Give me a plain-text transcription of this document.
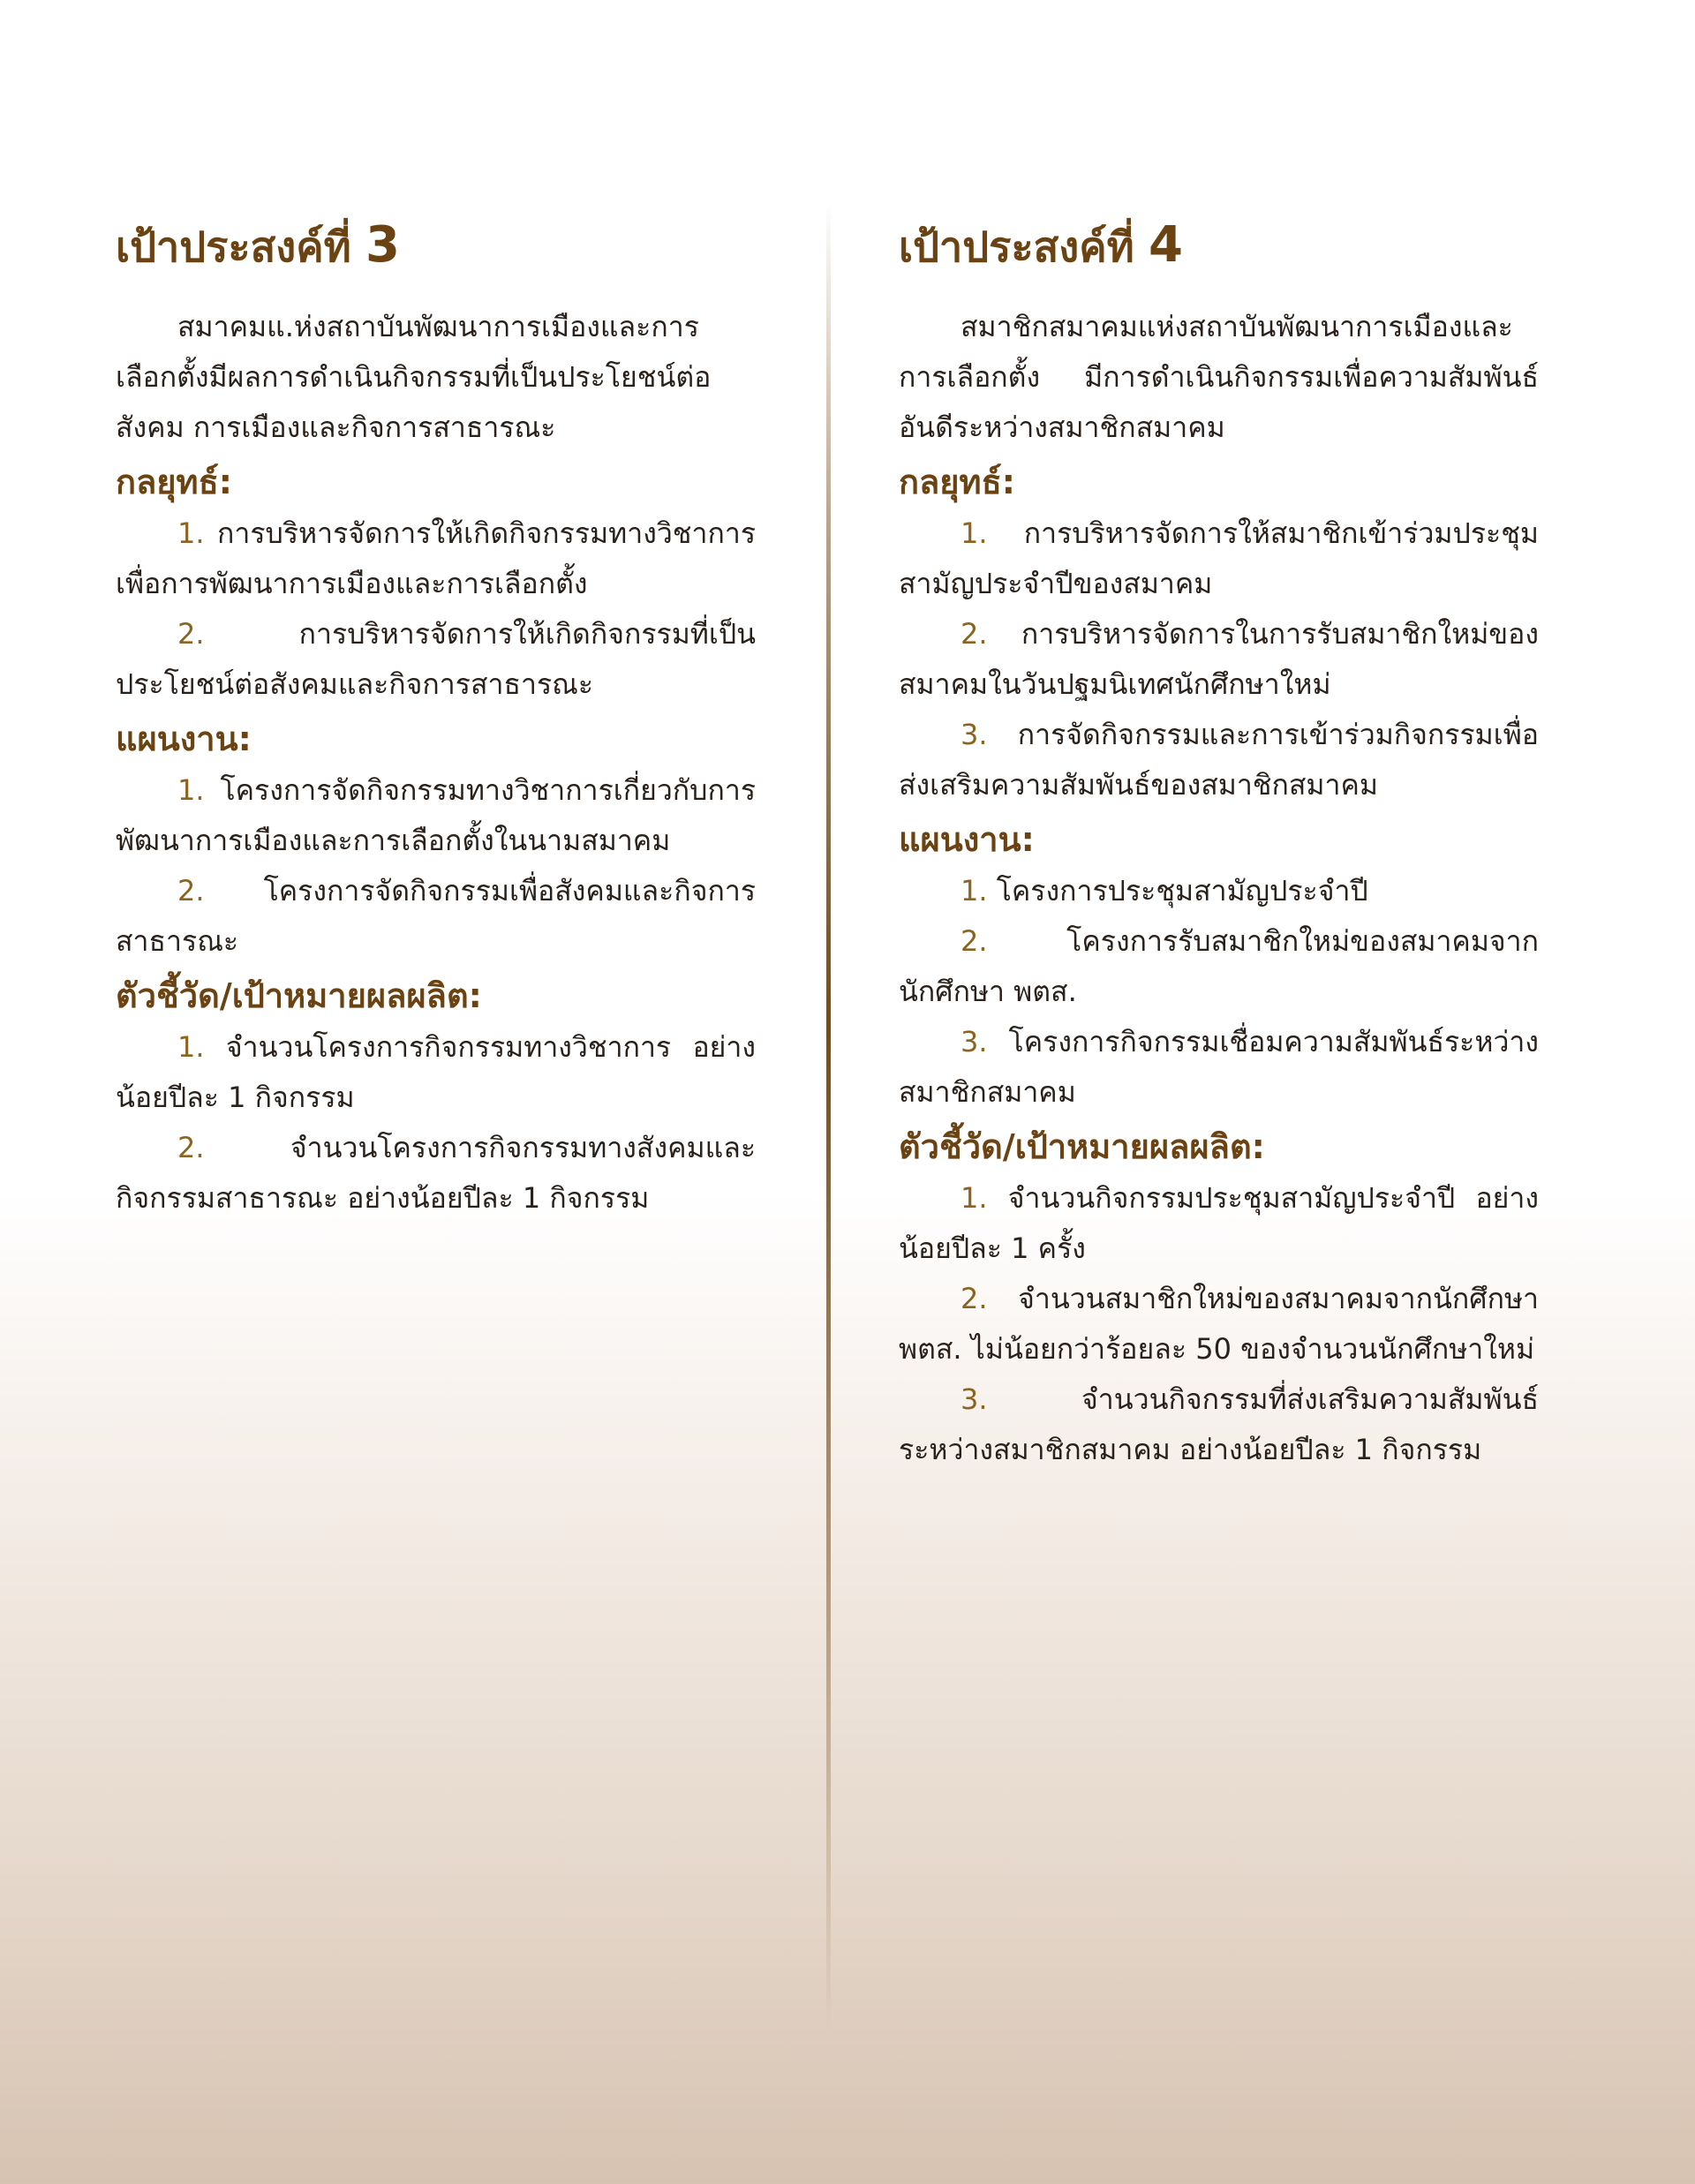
เป้าประสงค์ที่ 3

สมาคมแ.ห่งสถาบันพัฒนาการเมืองและการเลือกตั้งมีผลการดำเนินกิจกรรมที่เป็นประโยชน์ต่อสังคม การเมืองและกิจการสาธารณะ

กลยุทธ์:

1. การบริหารจัดการให้เกิดกิจกรรมทางวิชาการเพื่อการพัฒนาการเมืองและการเลือกตั้ง

2.	การบริหารจัดการให้เกิดกิจกรรมที่เป็นประโยชน์ต่อสังคมและกิจการสาธารณะ

แผนงาน:

1. โครงการจัดกิจกรรมทางวิชาการเกี่ยวกับการพัฒนาการเมืองและการเลือกตั้งในนามสมาคม

2. โครงการจัดกิจกรรมเพื่อสังคมและกิจการสาธารณะ

ตัวชี้วัด/เป้าหมายผลผลิต:

1. จำนวนโครงการกิจกรรมทางวิชาการ อย่างน้อยปีละ 1 กิจกรรม

2.	จำนวนโครงการกิจกรรมทางสังคมและกิจกรรมสาธารณะ อย่างน้อยปีละ 1 กิจกรรม

เป้าประสงค์ที่ 4

สมาชิกสมาคมแห่งสถาบันพัฒนาการเมืองและการเลือกตั้ง มีการดำเนินกิจกรรมเพื่อความสัมพันธ์อันดีระหว่างสมาชิกสมาคม

กลยุทธ์:

1. การบริหารจัดการให้สมาชิกเข้าร่วมประชุมสามัญประจำปีของสมาคม

2. การบริหารจัดการในการรับสมาชิกใหม่ของสมาคมในวันปฐมนิเทศนักศึกษาใหม่

3. การจัดกิจกรรมและการเข้าร่วมกิจกรรมเพื่อส่งเสริมความสัมพันธ์ของสมาชิกสมาคม

แผนงาน:

1. โครงการประชุมสามัญประจำปี

2.	โครงการรับสมาชิกใหม่ของสมาคมจากนักศึกษา พตส.

3. โครงการกิจกรรมเชื่อมความสัมพันธ์ระหว่างสมาชิกสมาคม

ตัวชี้วัด/เป้าหมายผลผลิต:

1. จำนวนกิจกรรมประชุมสามัญประจำปี อย่างน้อยปีละ 1 ครั้ง

2. จำนวนสมาชิกใหม่ของสมาคมจากนักศึกษา พตส. ไม่น้อยกว่าร้อยละ 50 ของจำนวนนักศึกษาใหม่

3.	จำนวนกิจกรรมที่ส่งเสริมความสัมพันธ์ระหว่างสมาชิกสมาคม อย่างน้อยปีละ 1 กิจกรรม
